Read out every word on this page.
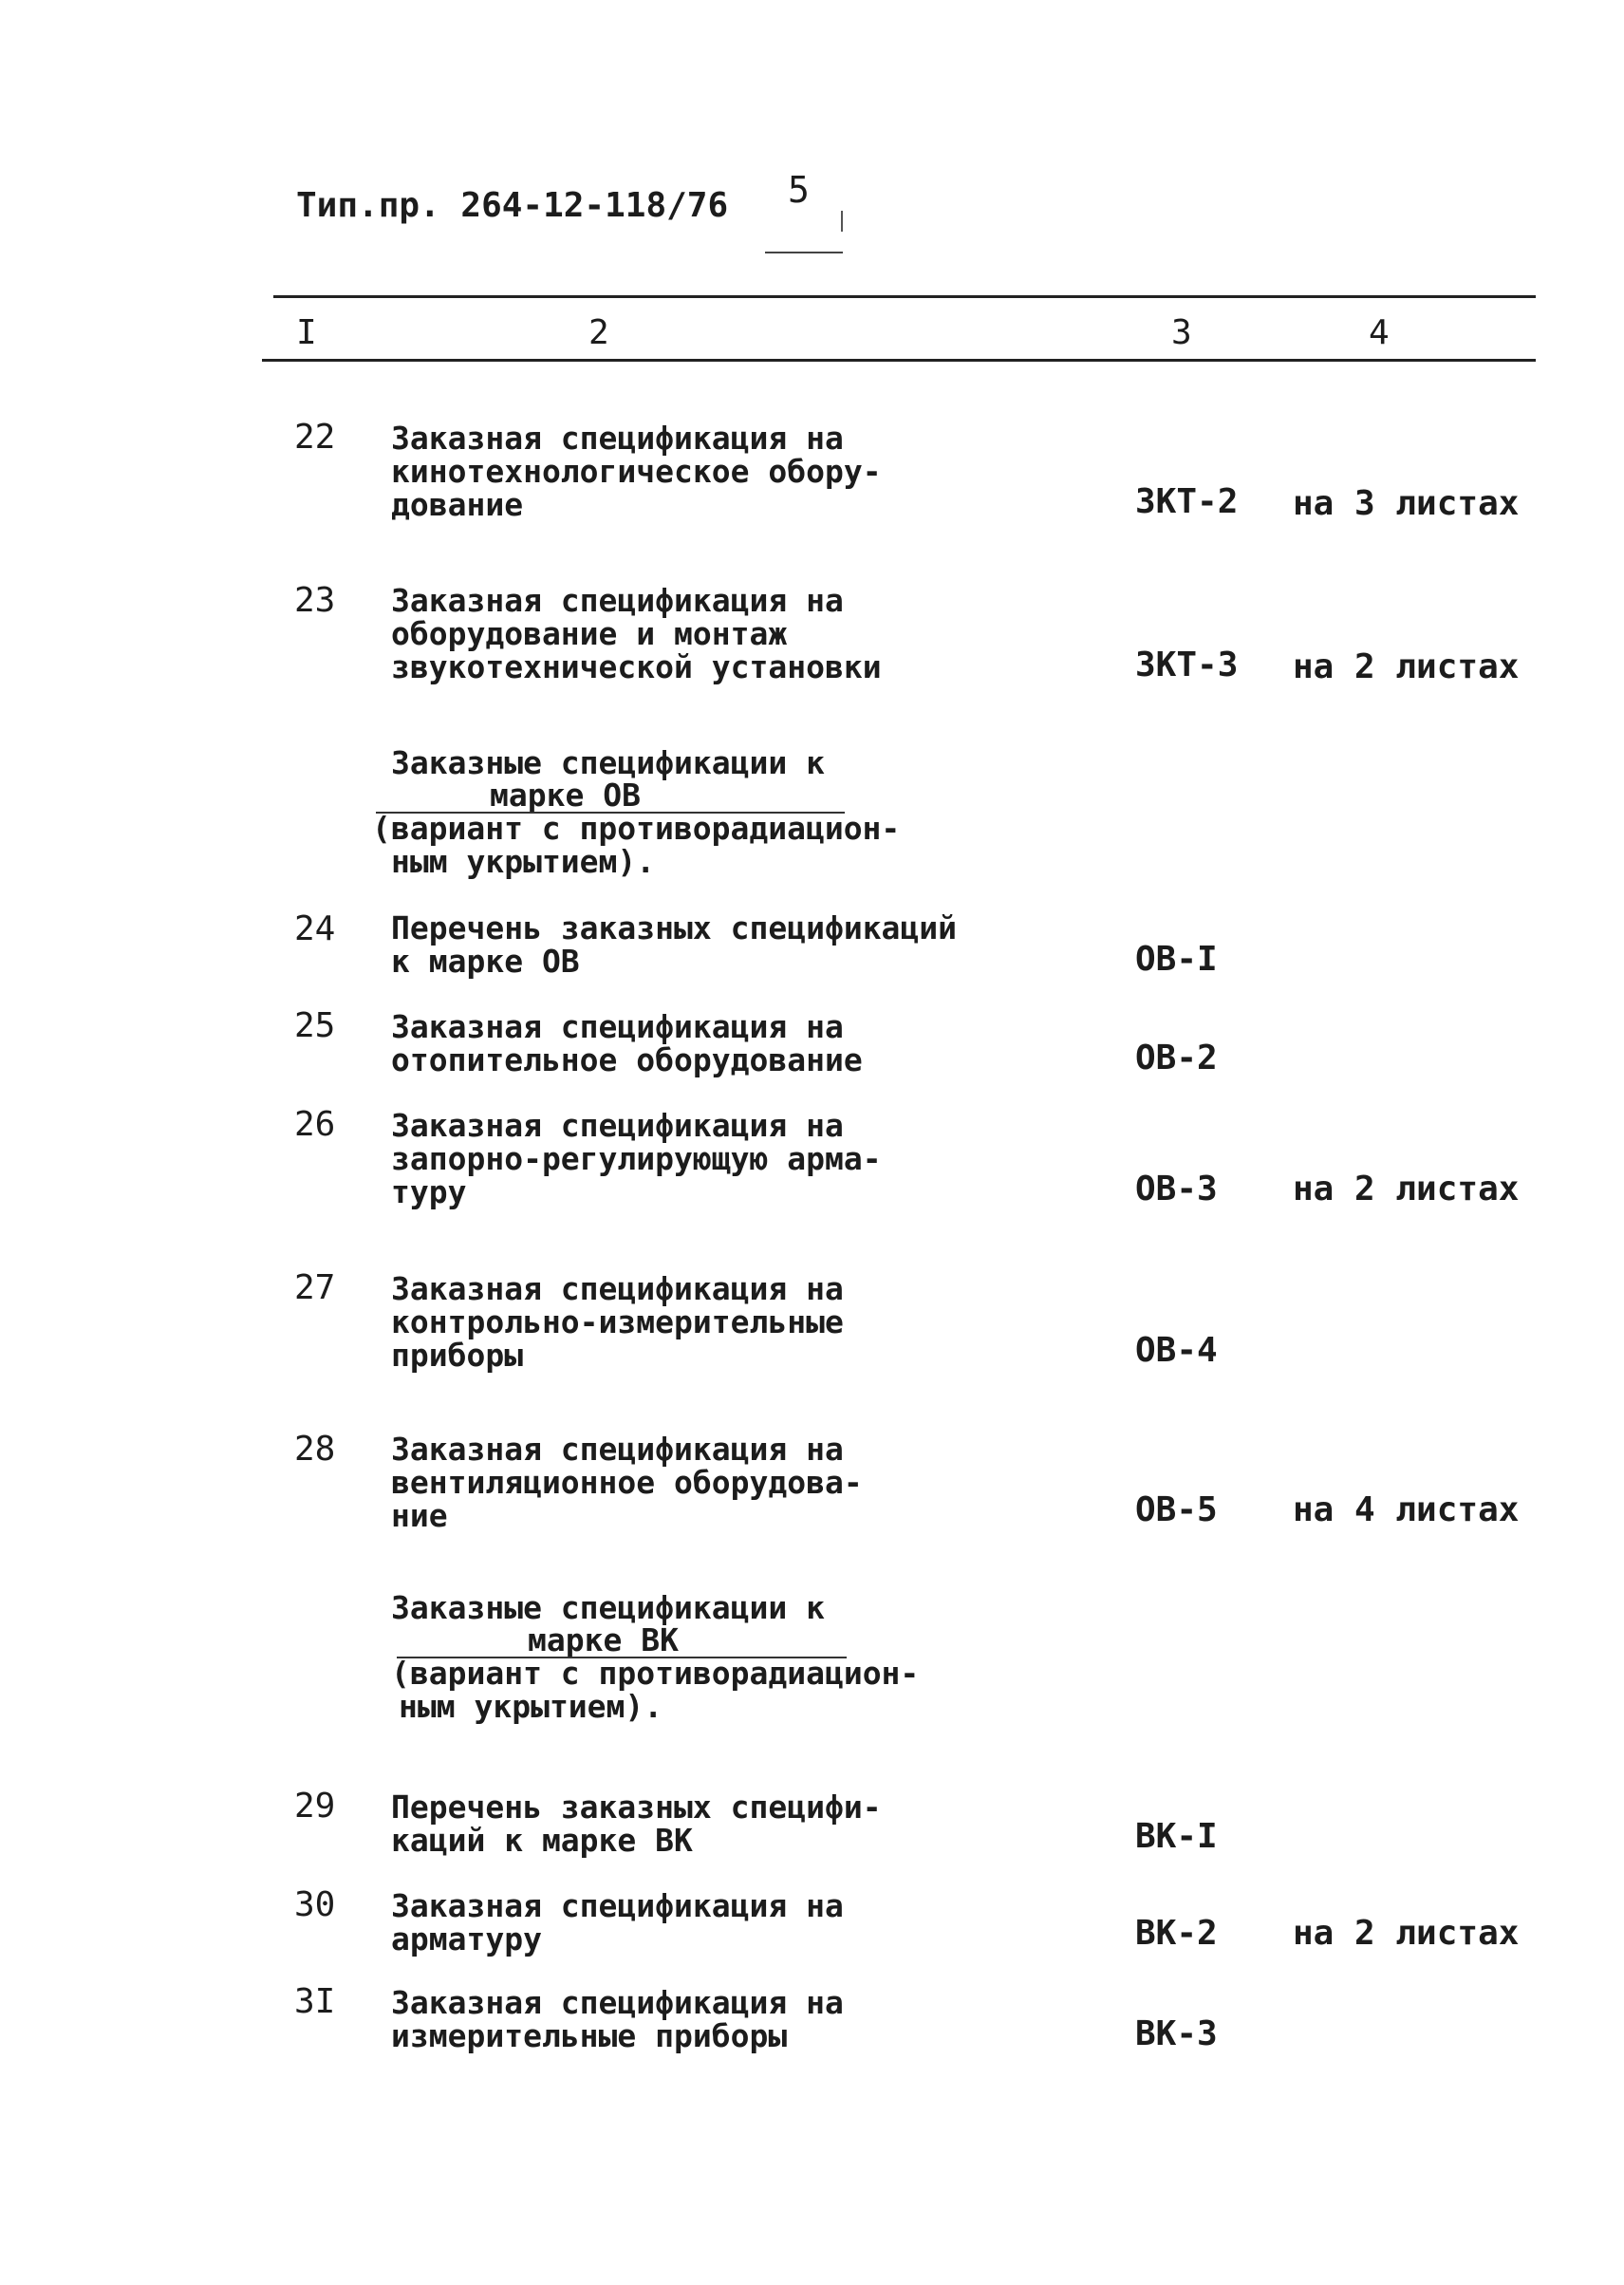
Тип.пр. 264-12-118/76 5
I	2	3	4
22 Заказная спецификация на
кинотехнологическое обору-
дование	ЗКТ-2 на 3 листах
23 Заказная спецификация на
оборудование и монтаж
звукотехнической установки	ЗКТ-3 на 2 листах
Заказные спецификации к
марке ОВ
(вариант с противорадиацион-
ным укрытием).
24 Перечень заказных спецификаций
к марке ОВ	ОВ-I
25 Заказная спецификация на
отопительное оборудование	ОВ-2
26 Заказная спецификация на
запорно-регулирующую арма-
туру	ОВ-3 на 2 листах
27 Заказная спецификация на
контрольно-измерительные
приборы	ОВ-4
28 Заказная спецификация на
вентиляционное оборудова-
ние	ОВ-5 на 4 листах
Заказные спецификации к
марке ВК
(вариант с противорадиацион-
ным укрытием).
29 Перечень заказных специфи-
каций к марке ВК	ВК-I
30 Заказная спецификация на
арматуру	ВК-2 на 2 листах
3I Заказная спецификация на
измерительные приборы	ВК-3
